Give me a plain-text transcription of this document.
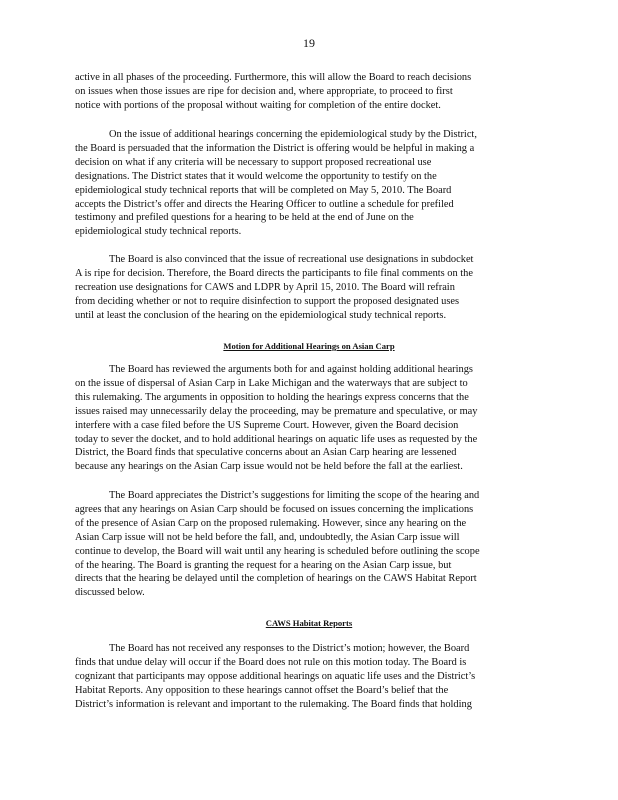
19

active in all phases of the proceeding. Furthermore, this will allow the Board to reach decisions
on issues when those issues are ripe for decision and, where appropriate, to proceed to first
notice with portions of the proposal without waiting for completion of the entire docket.

On the issue of additional hearings concerning the epidemiological study by the District,
the Board is persuaded that the information the District is offering would be helpful in making a
decision on what if any criteria will be necessary to support proposed recreational use
designations. The District states that it would welcome the opportunity to testify on the
epidemiological study technical reports that will be completed on May 5, 2010. The Board
accepts the District’s offer and directs the Hearing Officer to outline a schedule for prefiled
testimony and prefiled questions for a hearing to be held at the end of June on the
epidemiological study technical reports.

The Board is also convinced that the issue of recreational use designations in subdocket
A is ripe for decision. Therefore, the Board directs the participants to file final comments on the
recreation use designations for CAWS and LDPR by April 15, 2010. The Board will refrain
from deciding whether or not to require disinfection to support the proposed designated uses
until at least the conclusion of the hearing on the epidemiological study technical reports.

Motion for Additional Hearings on Asian Carp

The Board has reviewed the arguments both for and against holding additional hearings
on the issue of dispersal of Asian Carp in Lake Michigan and the waterways that are subject to
this rulemaking. The arguments in opposition to holding the hearings express concerns that the
issues raised may unnecessarily delay the proceeding, may be premature and speculative, or may
interfere with a case filed before the US Supreme Court. However, given the Board decision
today to sever the docket, and to hold additional hearings on aquatic life uses as requested by the
District, the Board finds that speculative concerns about an Asian Carp hearing are lessened
because any hearings on the Asian Carp issue would not be held before the fall at the earliest.

The Board appreciates the District’s suggestions for limiting the scope of the hearing and
agrees that any hearings on Asian Carp should be focused on issues concerning the implications
of the presence of Asian Carp on the proposed rulemaking. However, since any hearing on the
Asian Carp issue will not be held before the fall, and, undoubtedly, the Asian Carp issue will
continue to develop, the Board will wait until any hearing is scheduled before outlining the scope
of the hearing. The Board is granting the request for a hearing on the Asian Carp issue, but
directs that the hearing be delayed until the completion of hearings on the CAWS Habitat Report
discussed below.

CAWS Habitat Reports

The Board has not received any responses to the District’s motion; however, the Board
finds that undue delay will occur if the Board does not rule on this motion today. The Board is
cognizant that participants may oppose additional hearings on aquatic life uses and the District’s
Habitat Reports. Any opposition to these hearings cannot offset the Board’s belief that the
District’s information is relevant and important to the rulemaking. The Board finds that holding
